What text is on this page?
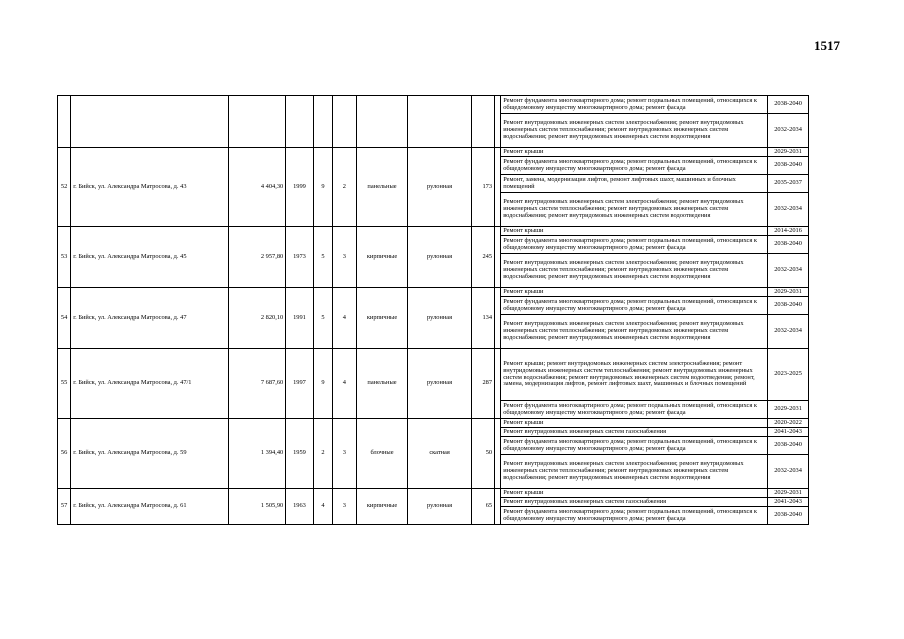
1517
										Ремонт фундамента многоквартирного дома; ремонт подвальных помещений, относящихся к общедомовому имуществу многоквартирного дома; ремонт фасада	2038-2040
										Ремонт внутридомовых инженерных систем электроснабжения; ремонт внутридомовых инженерных систем теплоснабжения; ремонт внутридомовых инженерных систем водоснабжения; ремонт внутридомовых инженерных систем водоотведения	2032-2034
52	г. Бийск, ул. Александра Матросова, д. 43	4 404,30	1999	9	2	панельные	рулонная	173		Ремонт крыши	2029-2031
										Ремонт фундамента многоквартирного дома; ремонт подвальных помещений, относящихся к общедомовому имуществу многоквартирного дома; ремонт фасада	2038-2040
										Ремонт, замена, модернизация лифтов, ремонт лифтовых шахт, машинных и блочных помещений	2035-2037
										Ремонт внутридомовых инженерных систем электроснабжения; ремонт внутридомовых инженерных систем теплоснабжения; ремонт внутридомовых инженерных систем водоснабжения; ремонт внутридомовых инженерных систем водоотведения	2032-2034
53	г. Бийск, ул. Александра Матросова, д. 45	2 957,80	1973	5	3	кирпичные	рулонная	245		Ремонт крыши	2014-2016
										Ремонт фундамента многоквартирного дома; ремонт подвальных помещений, относящихся к общедомовому имуществу многоквартирного дома; ремонт фасада	2038-2040
										Ремонт внутридомовых инженерных систем электроснабжения; ремонт внутридомовых инженерных систем теплоснабжения; ремонт внутридомовых инженерных систем водоснабжения; ремонт внутридомовых инженерных систем водоотведения	2032-2034
54	г. Бийск, ул. Александра Матросова, д. 47	2 820,10	1991	5	4	кирпичные	рулонная	134		Ремонт крыши	2029-2031
										Ремонт фундамента многоквартирного дома; ремонт подвальных помещений, относящихся к общедомовому имуществу многоквартирного дома; ремонт фасада	2038-2040
										Ремонт внутридомовых инженерных систем электроснабжения; ремонт внутридомовых инженерных систем теплоснабжения; ремонт внутридомовых инженерных систем водоснабжения; ремонт внутридомовых инженерных систем водоотведения	2032-2034
55	г. Бийск, ул. Александра Матросова, д. 47/1	7 687,60	1997	9	4	панельные	рулонная	287		Ремонт крыши; ремонт внутридомовых инженерных систем электроснабжения; ремонт внутридомовых инженерных систем теплоснабжения; ремонт внутридомовых инженерных систем водоснабжения; ремонт внутридомовых инженерных систем водоотведения; ремонт, замена, модернизация лифтов, ремонт лифтовых шахт, машинных и блочных помещений	2023-2025
										Ремонт фундамента многоквартирного дома; ремонт подвальных помещений, относящихся к общедомовому имуществу многоквартирного дома; ремонт фасада	2029-2031
56	г. Бийск, ул. Александра Матросова, д. 59	1 394,40	1959	2	3	блочные	скатная	50		Ремонт крыши	2020-2022
										Ремонт внутридомовых инженерных систем газоснабжения	2041-2043
										Ремонт фундамента многоквартирного дома; ремонт подвальных помещений, относящихся к общедомовому имуществу многоквартирного дома; ремонт фасада	2038-2040
										Ремонт внутридомовых инженерных систем электроснабжения; ремонт внутридомовых инженерных систем теплоснабжения; ремонт внутридомовых инженерных систем водоснабжения; ремонт внутридомовых инженерных систем водоотведения	2032-2034
57	г. Бийск, ул. Александра Матросова, д. 61	1 505,90	1963	4	3	кирпичные	рулонная	65		Ремонт крыши	2029-2031
										Ремонт внутридомовых инженерных систем газоснабжения	2041-2043
										Ремонт фундамента многоквартирного дома; ремонт подвальных помещений, относящихся к общедомовому имуществу многоквартирного дома; ремонт фасада	2038-2040
